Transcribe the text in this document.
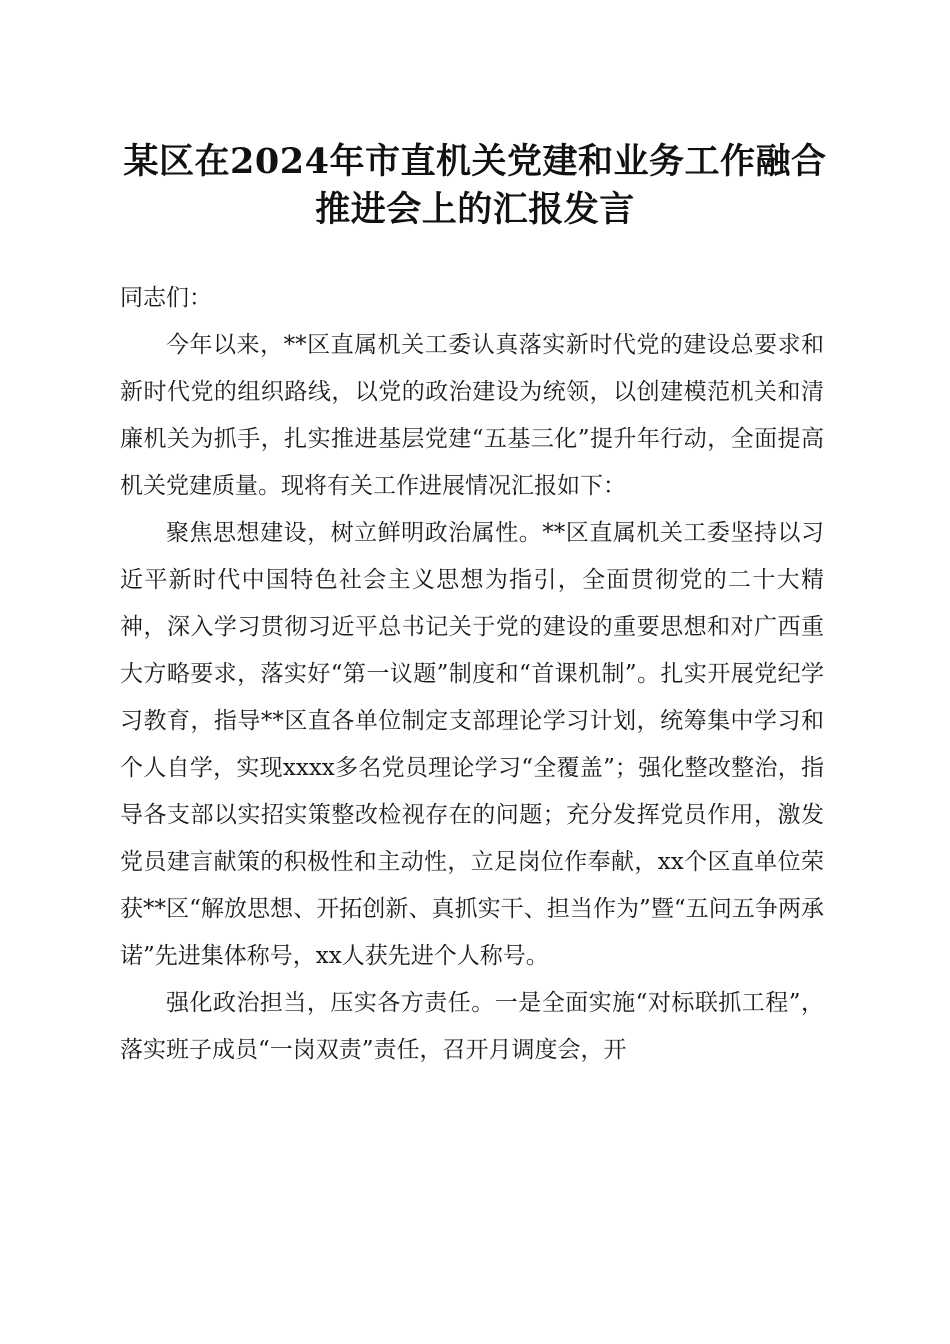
某区在2024年市直机关党建和业务工作融合
推进会上的汇报发言

同志们：

今年以来，**区直属机关工委认真落实新时代党的建设总要求和新时代党的组织路线，以党的政治建设为统领，以创建模范机关和清廉机关为抓手，扎实推进基层党建“五基三化”提升年行动，全面提高机关党建质量。现将有关工作进展情况汇报如下：

聚焦思想建设，树立鲜明政治属性。**区直属机关工委坚持以习近平新时代中国特色社会主义思想为指引，全面贯彻党的二十大精神，深入学习贯彻习近平总书记关于党的建设的重要思想和对广西重大方略要求，落实好“第一议题”制度和“首课机制”。扎实开展党纪学习教育，指导**区直各单位制定支部理论学习计划，统筹集中学习和个人自学，实现xxxx多名党员理论学习“全覆盖”；强化整改整治，指导各支部以实招实策整改检视存在的问题；充分发挥党员作用，激发党员建言献策的积极性和主动性，立足岗位作奉献，xx个区直单位荣获**区“解放思想、开拓创新、真抓实干、担当作为”暨“五问五争两承诺”先进集体称号，xx人获先进个人称号。

强化政治担当，压实各方责任。一是全面实施“对标联抓工程”，落实班子成员“一岗双责”责任，召开月调度会，开
